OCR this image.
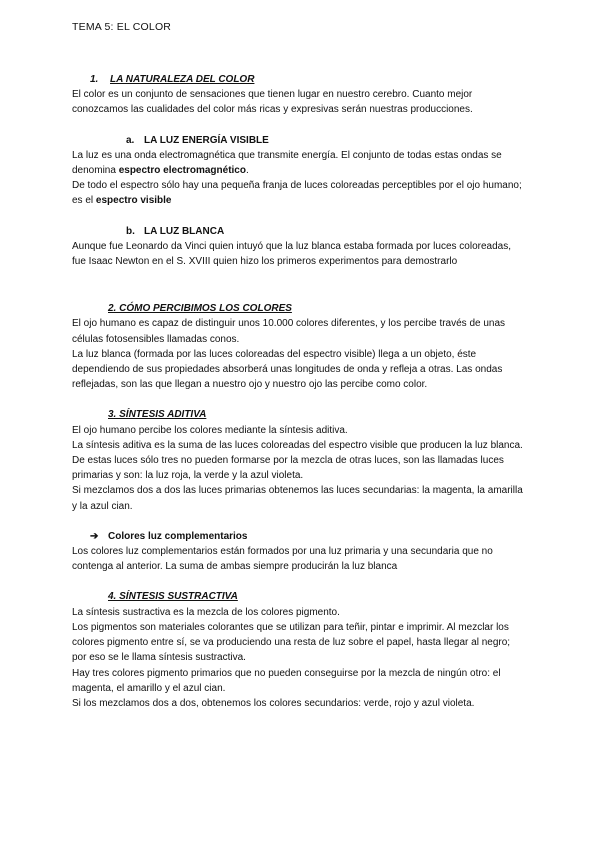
TEMA 5: EL COLOR

1. LA NATURALEZA DEL COLOR

El color es un conjunto de sensaciones que tienen lugar en nuestro cerebro. Cuanto mejor conozcamos las cualidades del color más ricas y expresivas serán nuestras producciones.

a. LA LUZ ENERGÍA VISIBLE

La luz es una onda electromagnética que transmite energía. El conjunto de todas estas ondas se denomina espectro electromagnético.

De todo el espectro sólo hay una pequeña franja de luces coloreadas perceptibles por el ojo humano; es el espectro visible

b. LA LUZ BLANCA

Aunque fue Leonardo da Vinci quien intuyó que la luz blanca estaba formada por luces coloreadas, fue Isaac Newton en el S. XVIII quien hizo los primeros experimentos para demostrarlo

2. CÓMO PERCIBIMOS LOS COLORES

El ojo humano es capaz de distinguir unos 10.000 colores diferentes, y los percibe través de unas células fotosensibles llamadas conos.

La luz blanca (formada por las luces coloreadas del espectro visible) llega a un objeto, éste dependiendo de sus propiedades absorberá unas longitudes de onda y refleja a otras. Las ondas reflejadas, son las que llegan a nuestro ojo y nuestro ojo las percibe como color.

3. SÍNTESIS ADITIVA

El ojo humano percibe los colores mediante la síntesis aditiva.

La síntesis aditiva es la suma de las luces coloreadas del espectro visible que producen la luz blanca. De estas luces sólo tres no pueden formarse por la mezcla de otras luces, son las llamadas luces primarias y son: la luz roja, la verde y la azul violeta.

Si mezclamos dos a dos las luces primarias obtenemos las luces secundarias: la magenta, la amarilla y la azul cian.

➔ Colores luz complementarios

Los colores luz complementarios están formados por una luz primaria y una secundaria que no contenga al anterior. La suma de ambas siempre producirán la luz blanca

4. SÍNTESIS SUSTRACTIVA

La síntesis sustractiva es la mezcla de los colores pigmento.

Los pigmentos son materiales colorantes que se utilizan para teñir, pintar e imprimir. Al mezclar los colores pigmento entre sí, se va produciendo una resta de luz sobre el papel, hasta llegar al negro; por eso se le llama síntesis sustractiva.

Hay tres colores pigmento primarios que no pueden conseguirse por la mezcla de ningún otro: el magenta, el amarillo y el azul cian.

Si los mezclamos dos a dos, obtenemos los colores secundarios: verde, rojo y azul violeta.
